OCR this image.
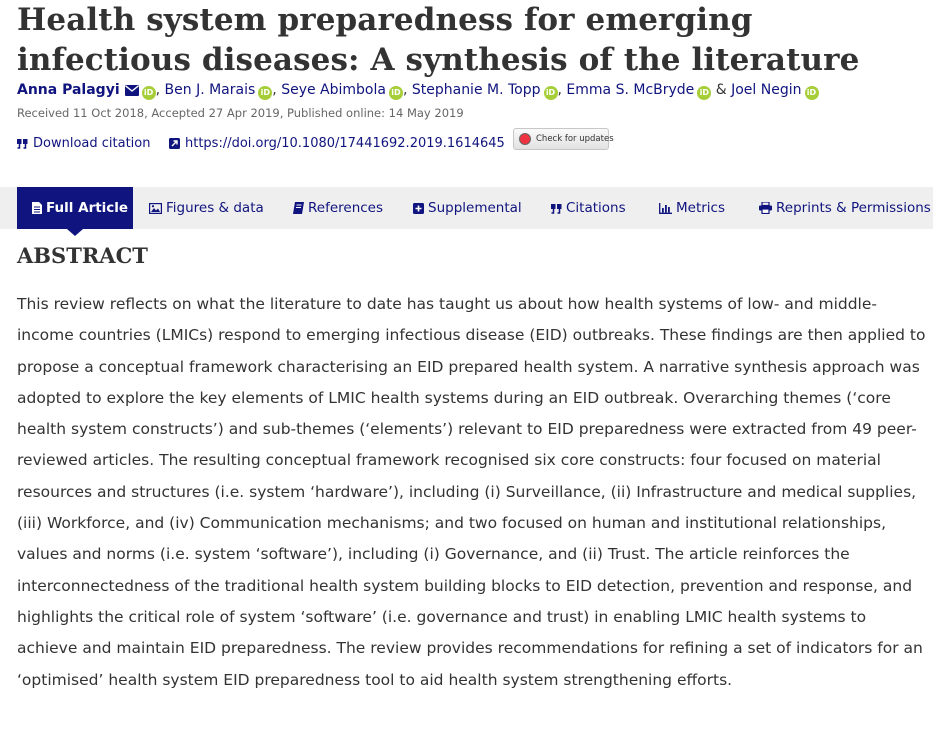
Health system preparedness for emerging infectious diseases: A synthesis of the literature
Anna Palagyi	iD , Ben J. Marais iD , Seye Abimbola iD , Stephanie M. Topp iD , Emma S. McBryde iD & Joel Negin iD
Received 11 Oct 2018, Accepted 27 Apr 2019, Published online: 14 May 2019
Download citation	https://doi.org/10.1080/17441692.2019.1614645	Check for updates
Full Article	Figures & data	References	Supplemental	Citations	Metrics	Reprints & Permissions
ABSTRACT

This review reflects on what the literature to date has taught us about how health systems of low- and middle-income countries (LMICs) respond to emerging infectious disease (EID) outbreaks. These findings are then applied to propose a conceptual framework characterising an EID prepared health system. A narrative synthesis approach was adopted to explore the key elements of LMIC health systems during an EID outbreak. Overarching themes (‘core health system constructs’) and sub-themes (‘elements’) relevant to EID preparedness were extracted from 49 peer-reviewed articles. The resulting conceptual framework recognised six core constructs: four focused on material resources and structures (i.e. system ‘hardware’), including (i) Surveillance, (ii) Infrastructure and medical supplies, (iii) Workforce, and (iv) Communication mechanisms; and two focused on human and institutional relationships, values and norms (i.e. system ‘software’), including (i) Governance, and (ii) Trust. The article reinforces the interconnectedness of the traditional health system building blocks to EID detection, prevention and response, and highlights the critical role of system ‘software’ (i.e. governance and trust) in enabling LMIC health systems to achieve and maintain EID preparedness. The review provides recommendations for refining a set of indicators for an ‘optimised’ health system EID preparedness tool to aid health system strengthening efforts.
